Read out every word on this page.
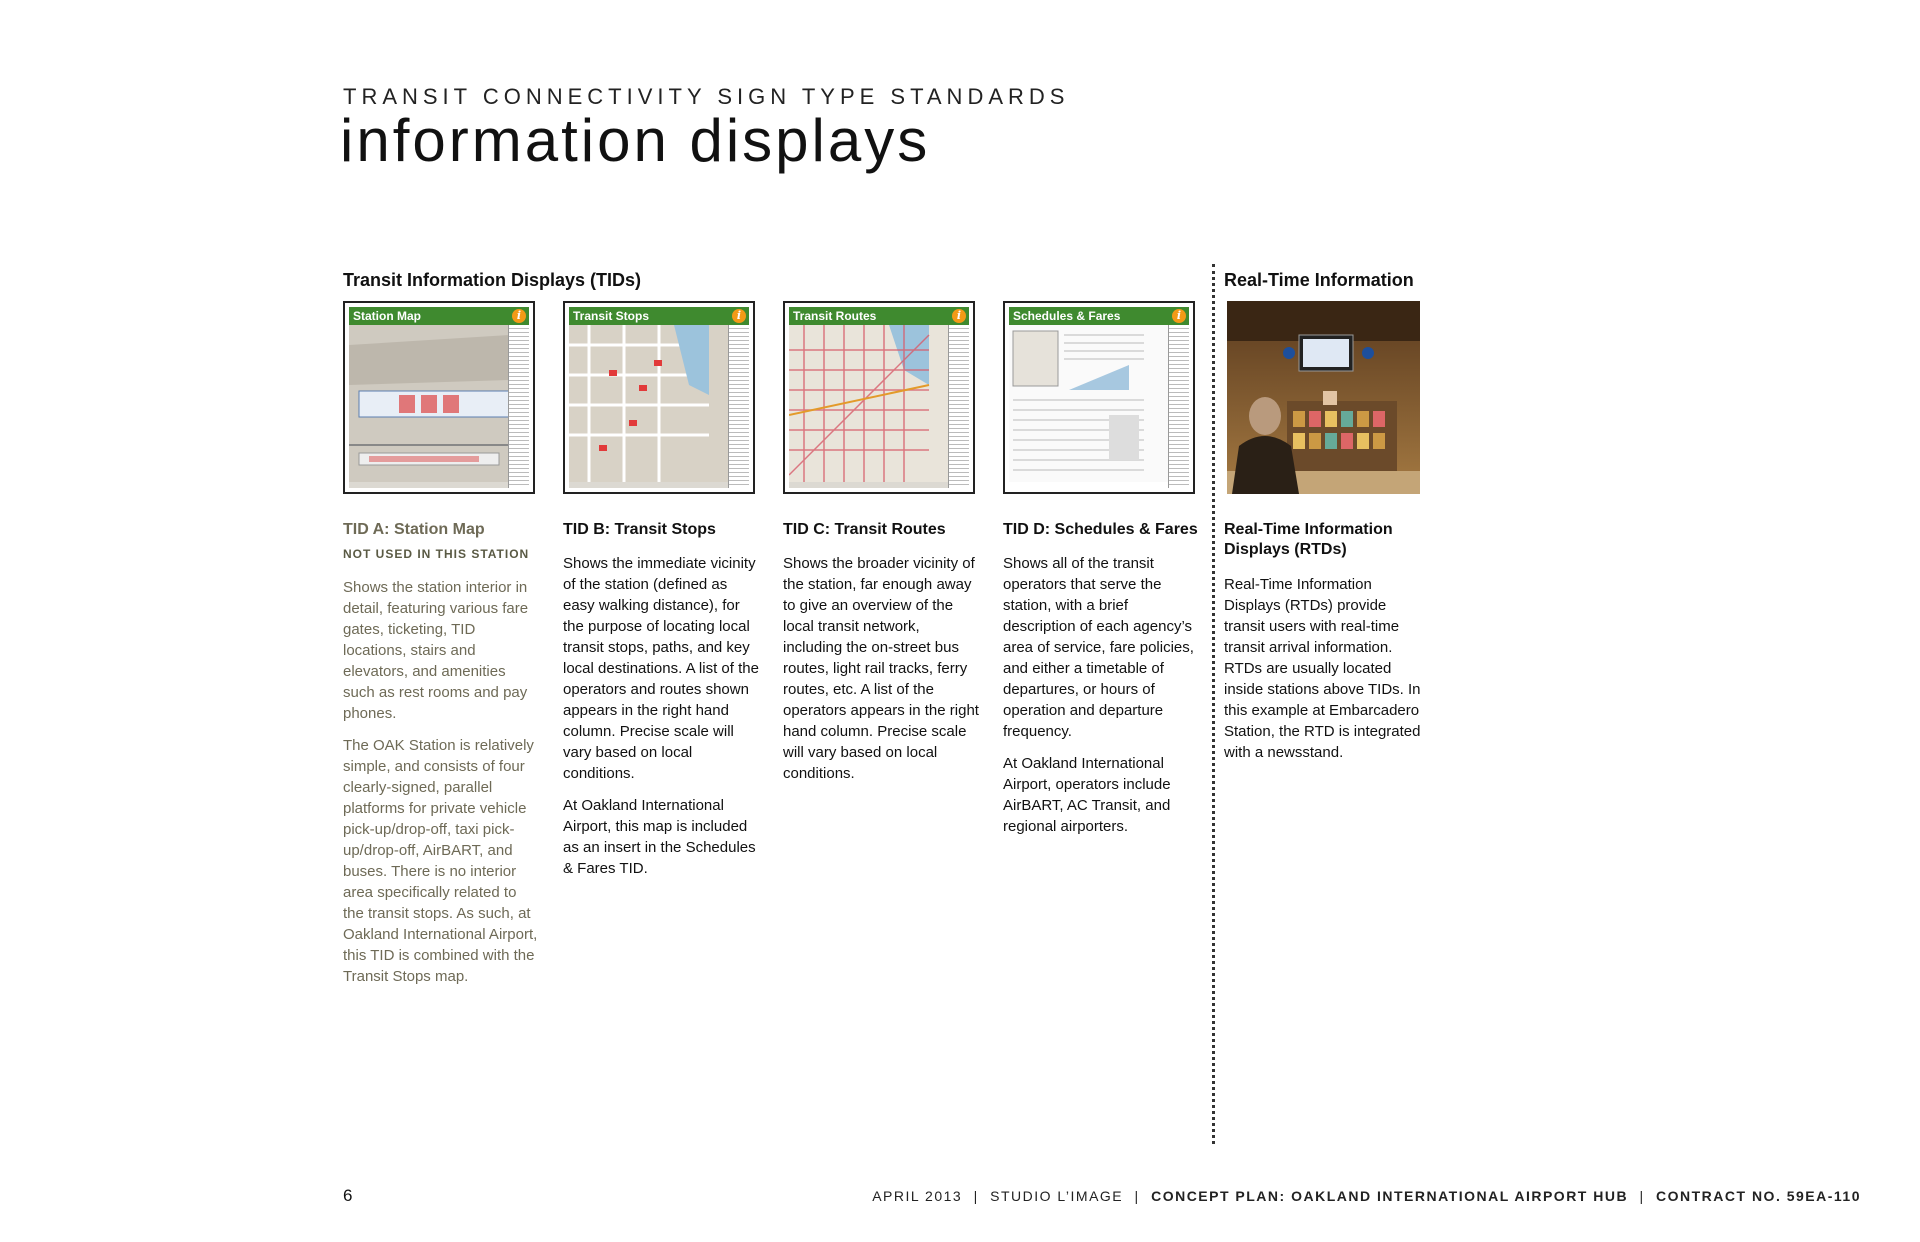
TRANSIT CONNECTIVITY SIGN TYPE STANDARDS
information displays
Transit Information Displays (TIDs)	Real-Time Information
Station Map	i	Transit Stops	i	Transit Routes	i	Schedules & Fares	i
TID A: Station Map
NOT USED IN THIS STATION

Shows the station interior in detail, featuring various fare gates, ticketing, TID locations, stairs and elevators, and amenities such as rest rooms and pay phones.

The OAK Station is relatively simple, and consists of four clearly-signed, parallel platforms for private vehicle pick-up/drop-off, taxi pick-up/drop-off, AirBART, and buses. There is no interior area specifically related to the transit stops. As such, at Oakland International Airport, this TID is combined with the Transit Stops map.

TID B: Transit Stops

Shows the immediate vicinity of the station (defined as easy walking distance), for the purpose of locating local transit stops, paths, and key local destinations. A list of the operators and routes shown appears in the right hand column. Precise scale will vary based on local conditions.

At Oakland International Airport, this map is included as an insert in the Schedules & Fares TID.

TID C: Transit Routes

Shows the broader vicinity of the station, far enough away to give an overview of the local transit network, including the on-street bus routes, light rail tracks, ferry routes, etc. A list of the operators appears in the right hand column. Precise scale will vary based on local conditions.

TID D: Schedules & Fares

Shows all of the transit operators that serve the station, with a brief description of each agency’s area of service, fare policies, and either a timetable of departures, or hours of operation and departure frequency.

At Oakland International Airport, operators include AirBART, AC Transit, and regional airporters.

Real-Time Information Displays (RTDs)

Real-Time Information Displays (RTDs) provide transit users with real-time transit arrival information. RTDs are usually located inside stations above TIDs. In this example at Embarcadero Station, the RTD is integrated with a newsstand.

6	APRIL 2013 | STUDIO L’IMAGE | CONCEPT PLAN: OAKLAND INTERNATIONAL AIRPORT HUB | CONTRACT NO. 59EA-110
